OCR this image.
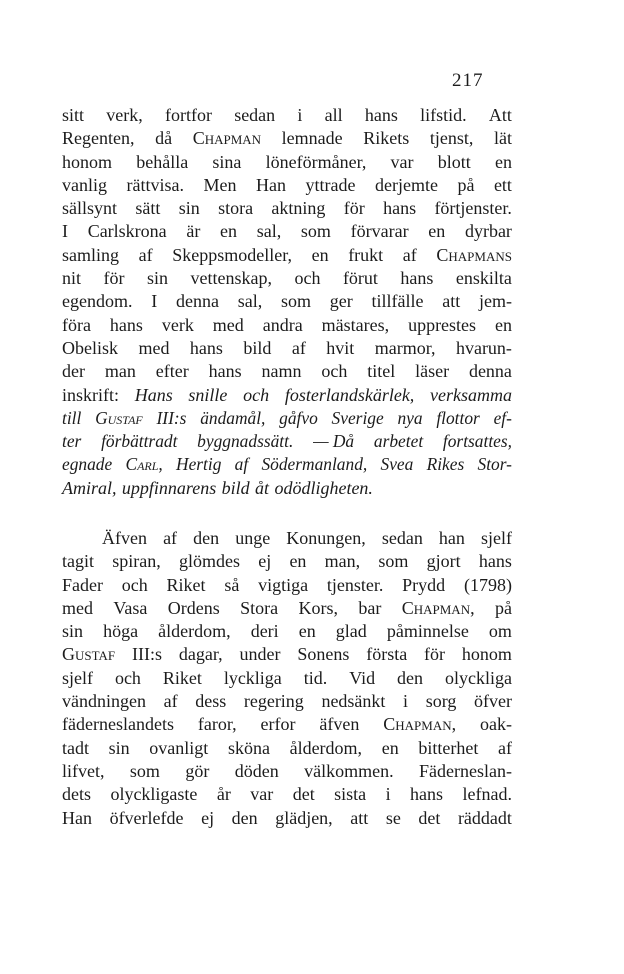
217
sitt verk, fortfor sedan i all hans lifstid. Att
Regenten, då Chapman lemnade Rikets tjenst, lät
honom behålla sina löneförmåner, var blott en
vanlig rättvisa. Men Han yttrade derjemte på ett
sällsynt sätt sin stora aktning för hans förtjenster.
I Carlskrona är en sal, som förvarar en dyrbar
samling af Skeppsmodeller, en frukt af Chapmans
nit för sin vettenskap, och förut hans enskilta
egendom. I denna sal, som ger tillfälle att jem-
föra hans verk med andra mästares, upprestes en
Obelisk med hans bild af hvit marmor, hvarun-
der man efter hans namn och titel läser denna
inskrift: Hans snille och fosterlandskärlek, verksamma
till Gustaf III:s ändamål, gåfvo Sverige nya flottor ef-
ter förbättradt byggnadssätt. — Då arbetet fortsattes,
egnade Carl, Hertig af Södermanland, Svea Rikes Stor-
Amiral, uppfinnarens bild åt odödligheten.
Äfven af den unge Konungen, sedan han sjelf
tagit spiran, glömdes ej en man, som gjort hans
Fader och Riket så vigtiga tjenster. Prydd (1798)
med Vasa Ordens Stora Kors, bar Chapman, på
sin höga ålderdom, deri en glad påminnelse om
Gustaf III:s dagar, under Sonens första för honom
sjelf och Riket lyckliga tid. Vid den olyckliga
vändningen af dess regering nedsänkt i sorg öfver
fäderneslandets faror, erfor äfven Chapman, oak-
tadt sin ovanligt sköna ålderdom, en bitterhet af
lifvet, som gör döden välkommen. Fäderneslan-
dets olyckligaste år var det sista i hans lefnad.
Han öfverlefde ej den glädjen, att se det räddadt
